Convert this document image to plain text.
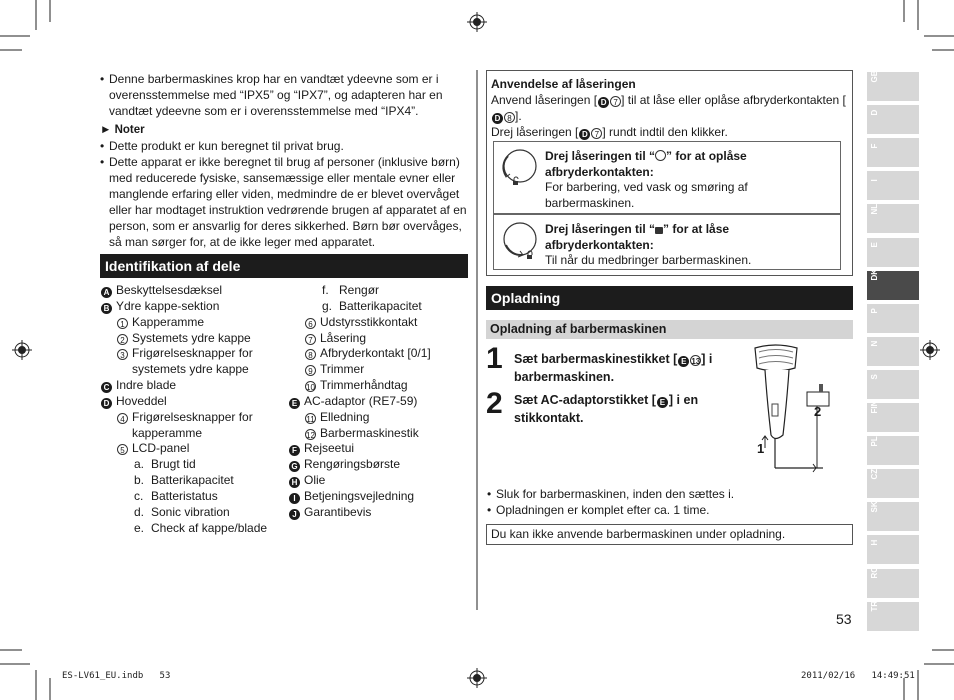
• Denne barbermaskines krop har en vandtæt ydeevne som er i overensstemmelse med “IPX5” og “IPX7”, og adapteren har en vandtæt ydeevne som er i overensstemmelse med “IPX4”.

► Noter

• Dette produkt er kun beregnet til privat brug.

• Dette apparat er ikke beregnet til brug af personer (inklusive børn) med reducerede fysiske, sansemæssige eller mentale evner eller manglende erfaring eller viden, medmindre de er blevet overvåget eller har modtaget instruktion vedrørende brugen af apparatet af en person, som er ansvarlig for deres sikkerhed. Børn bør overvåges, så man sørger for, at de ikke leger med apparatet.

Identifikation af dele
A Beskyttelsesdæksel
B Ydre kappe-sektion
1 Kapperamme
2 Systemets ydre kappe
3 Frigørelsesknapper for
systemets ydre kappe
C Indre blade
D Hoveddel
4 Frigørelsesknapper for
kapperamme
5 LCD-panel
a. Brugt tid
b. Batterikapacitet
c. Batteristatus
d. Sonic vibration
e. Check af kappe/blade
f. Rengør
g. Batterikapacitet
6 Udstyrsstikkontakt
7 Låsering
8 Afbryderkontakt [0/1]
9 Trimmer
10 Trimmerhåndtag
E AC-adaptor (RE7-59)
11 Elledning
12 Barbermaskinestik
F Rejseetui
G Rengøringsbørste
H Olie
I Betjeningsvejledning
J Garantibevis
Anvendelse af låseringen
Anvend låseringen [ D 7 ] til at låse eller oplåse afbryderkontakten [D 8 ].
Drej låseringen [ D 7 ] rundt indtil den klikker.
Drej låseringen til “ ” for at oplåse
afbryderkontakten:
For barbering, ved vask og smøring af barbermaskinen.
Drej låseringen til “ ” for at låse
afbryderkontakten:
Til når du medbringer barbermaskinen.
Opladning
Opladning af barbermaskinen
1 Sæt barbermaskinestikket [ E 13] i barbermaskinen.
2 Sæt AC-adaptorstikket [ E ] i en stikkontakt.	2
1

• Sluk for barbermaskinen, inden den sættes i.

• Opladningen er komplet efter ca. 1 time.

Du kan ikke anvende barbermaskinen under opladning.
GB
D
F
I
NL
E
DK
P
N
S
FIN
PL
CZ
SK
H
RO
TR
53
ES-LV61_EU.indb 53	2011/02/16 14:49:51
